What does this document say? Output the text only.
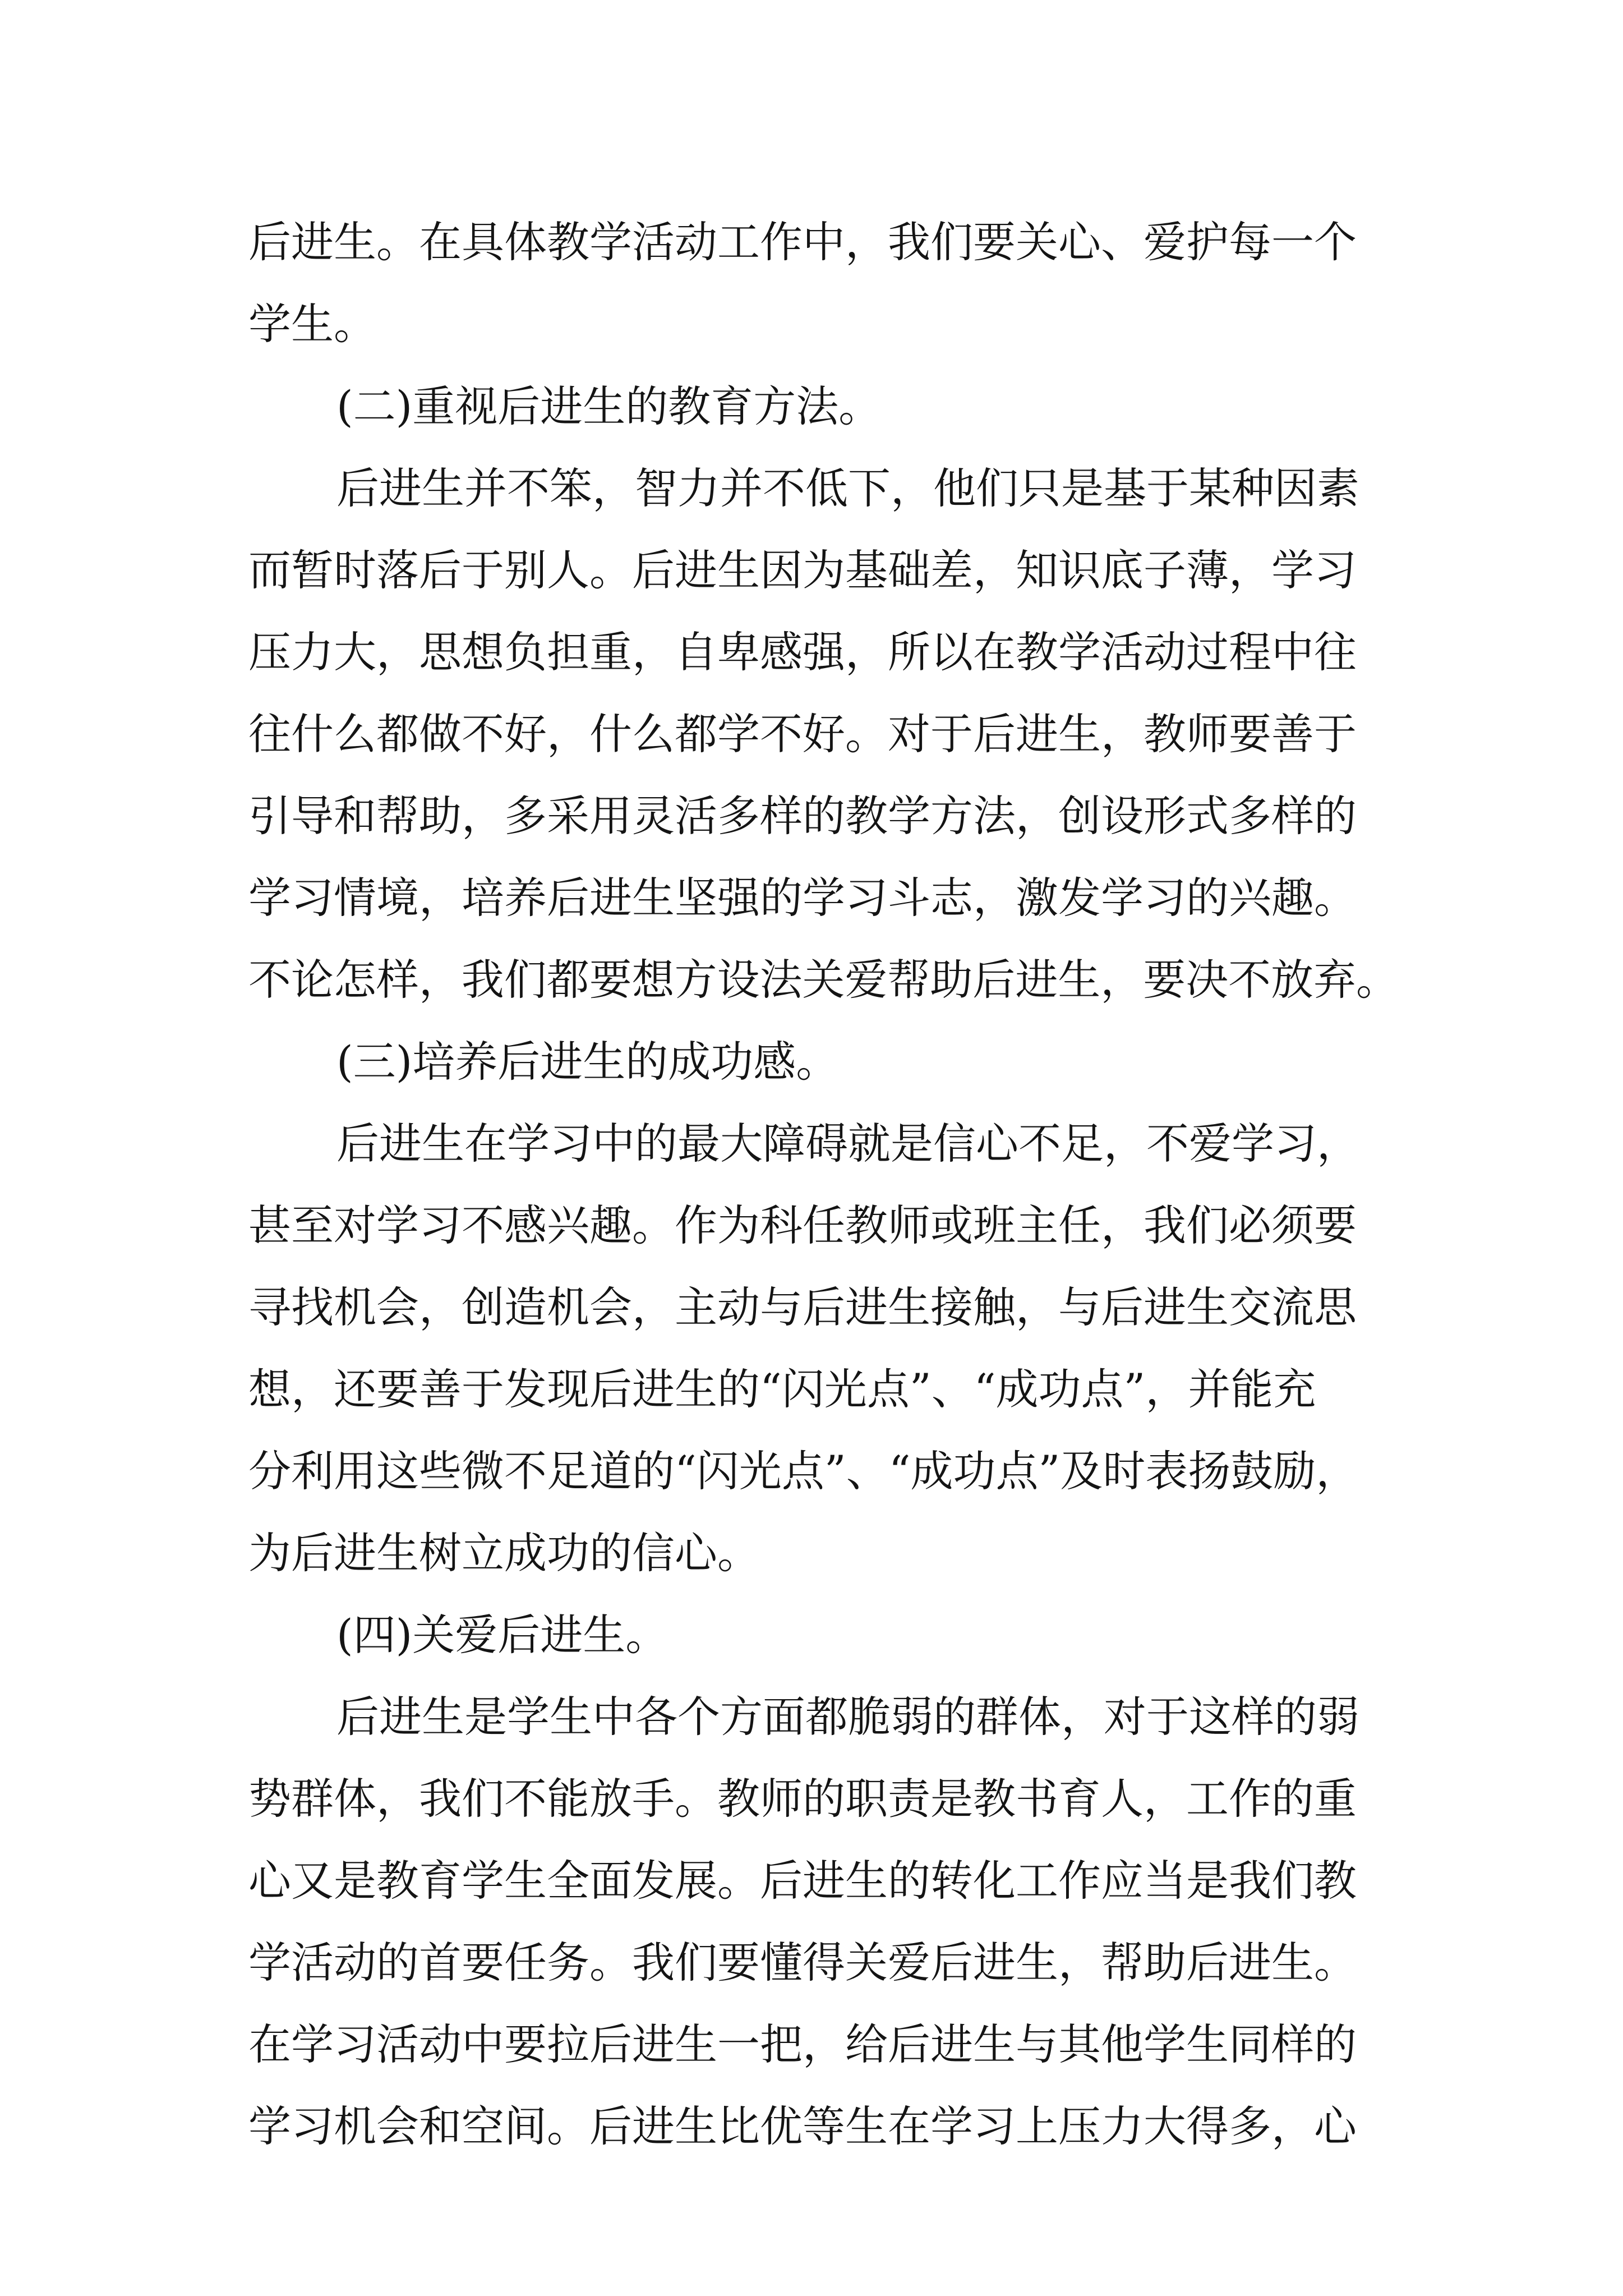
后进生。在具体教学活动工作中，我们要关心、爱护每一个
学生。
(二)重视后进生的教育方法。
后进生并不笨，智力并不低下，他们只是基于某种因素
而暂时落后于别人。后进生因为基础差，知识底子薄，学习
压力大，思想负担重，自卑感强，所以在教学活动过程中往
往什么都做不好，什么都学不好。对于后进生，教师要善于
引导和帮助，多采用灵活多样的教学方法，创设形式多样的
学习情境，培养后进生坚强的学习斗志，激发学习的兴趣。
不论怎样，我们都要想方设法关爱帮助后进生，要决不放弃。
(三)培养后进生的成功感。
后进生在学习中的最大障碍就是信心不足，不爱学习，
甚至对学习不感兴趣。作为科任教师或班主任，我们必须要
寻找机会，创造机会，主动与后进生接触，与后进生交流思
想，还要善于发现后进生的“闪光点”、“成功点”，并能充
分利用这些微不足道的“闪光点”、“成功点”及时表扬鼓励，
为后进生树立成功的信心。
(四)关爱后进生。
后进生是学生中各个方面都脆弱的群体，对于这样的弱
势群体，我们不能放手。教师的职责是教书育人，工作的重
心又是教育学生全面发展。后进生的转化工作应当是我们教
学活动的首要任务。我们要懂得关爱后进生，帮助后进生。
在学习活动中要拉后进生一把，给后进生与其他学生同样的
学习机会和空间。后进生比优等生在学习上压力大得多，心
